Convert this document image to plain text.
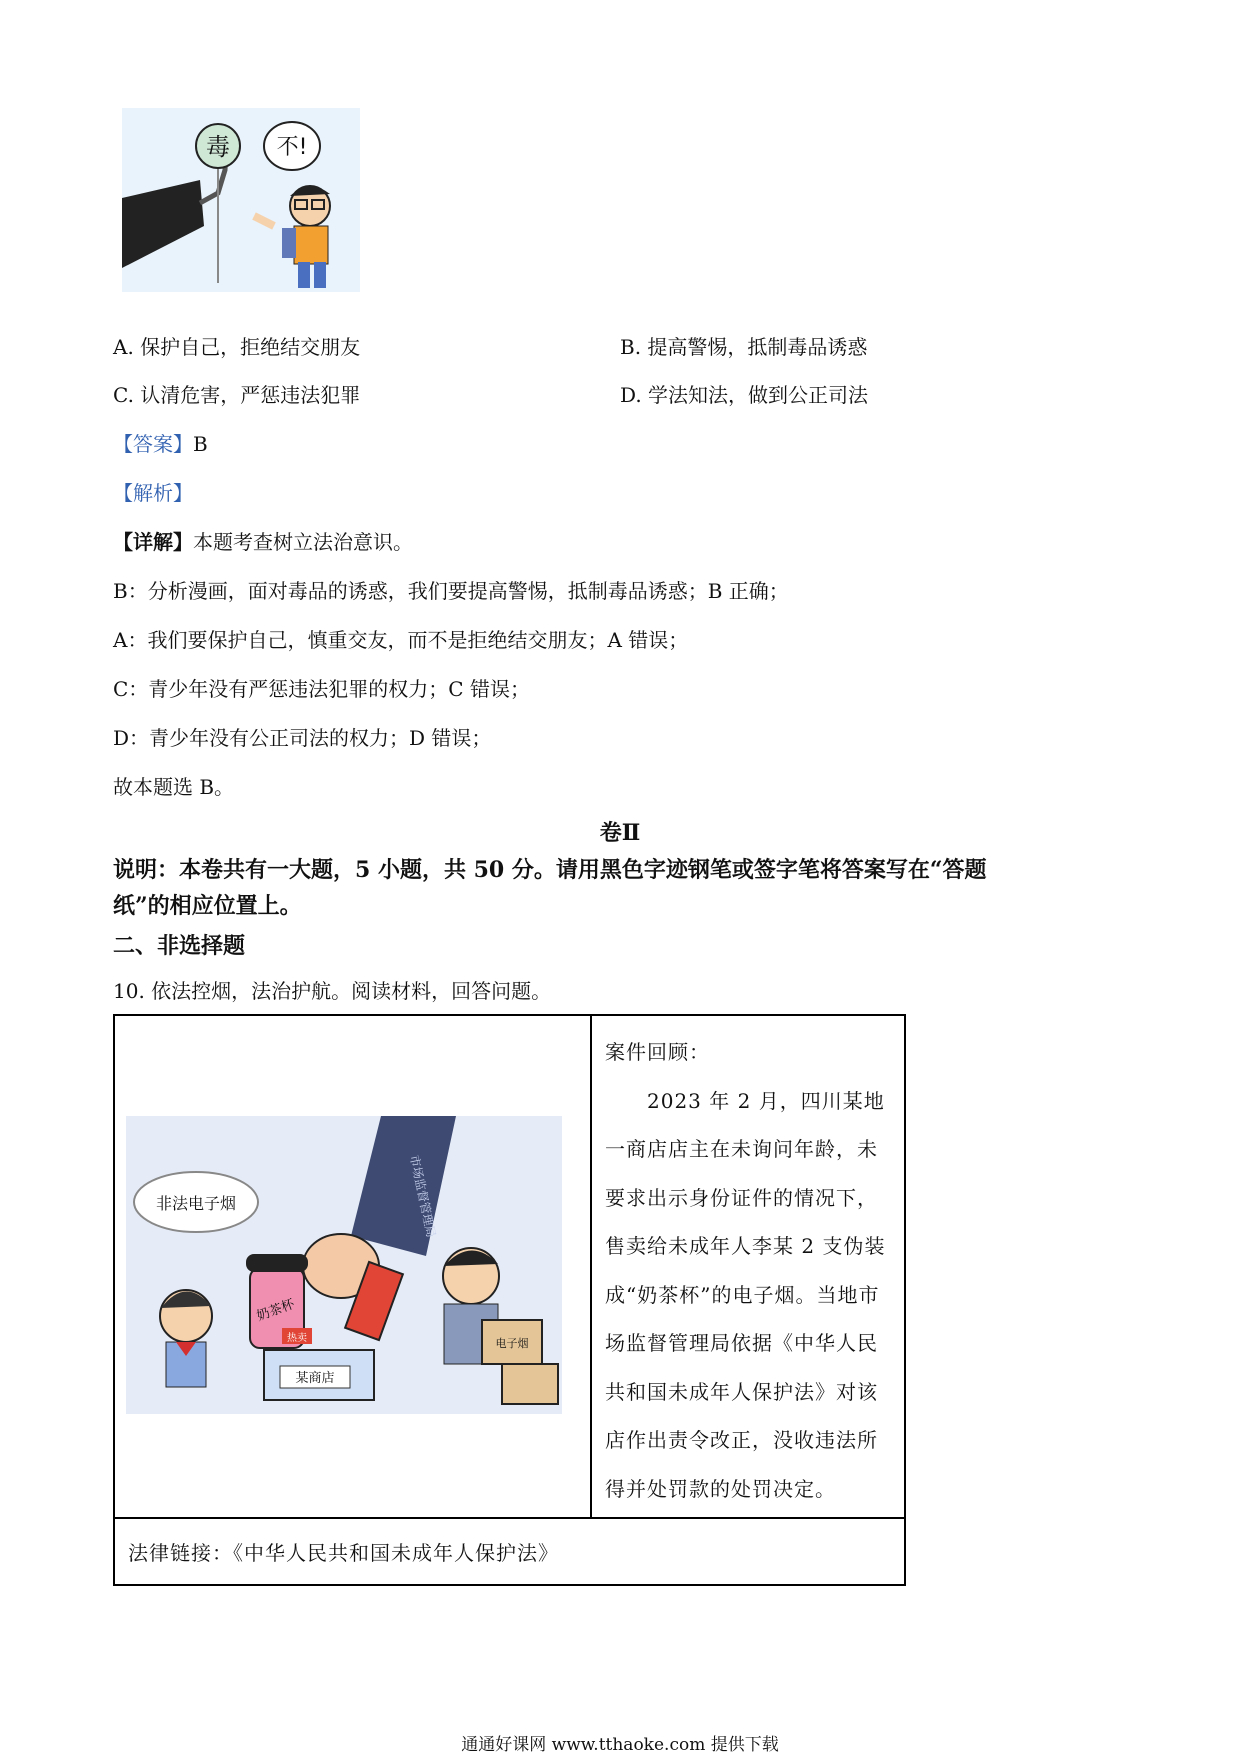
毒 不!
A. 保护自己，拒绝结交朋友	B. 提高警惕，抵制毒品诱惑
C. 认清危害，严惩违法犯罪	D. 学法知法，做到公正司法
【答案】B
【解析】
【详解】本题考查树立法治意识。
B：分析漫画，面对毒品的诱惑，我们要提高警惕，抵制毒品诱惑；B 正确；
A：我们要保护自己，慎重交友，而不是拒绝结交朋友；A 错误；
C：青少年没有严惩违法犯罪的权力；C 错误；
D：青少年没有公正司法的权力；D 错误；
故本题选 B。
卷Ⅱ
说明：本卷共有一大题，5 小题，共 50 分。请用黑色字迹钢笔或签字笔将答案写在“答题
纸”的相应位置上。
二、非选择题
10. 依法控烟，法治护航。阅读材料，回答问题。
市场监督管理局
非法电子烟
奶茶杯
某商店
热卖	电子烟

案件回顾：

2023 年 2 月，四川某地一商店店主在未询问年龄，未要求出示身份证件的情况下，售卖给未成年人李某 2 支伪装成“奶茶杯”的电子烟。当地市场监督管理局依据《中华人民共和国未成年人保护法》对该店作出责令改正，没收违法所得并处罚款的处罚决定。

法律链接：《中华人民共和国未成年人保护法》
通通好课网 www.tthaoke.com 提供下载
